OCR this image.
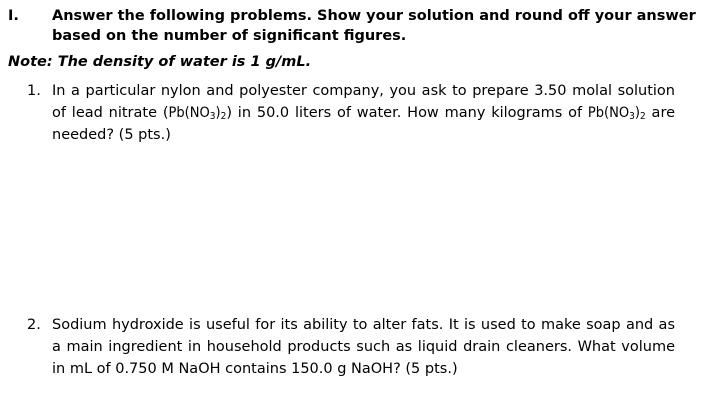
I.	Answer the following problems. Show your solution and round off your answer based on the number of significant figures.
Note: The density of water is 1 g/mL.
1. In a particular nylon and polyester company, you ask to prepare 3.50 molal solution of lead nitrate $(Pb(NO_3)_2)$ in 50.0 liters of water. How many kilograms of $Pb(NO_3)_2$ are needed? (5 pts.)
2. Sodium hydroxide is useful for its ability to alter fats. It is used to make soap and as a main ingredient in household products such as liquid drain cleaners. What volume in mL of 0.750 M NaOH contains 150.0 g NaOH? (5 pts.)
